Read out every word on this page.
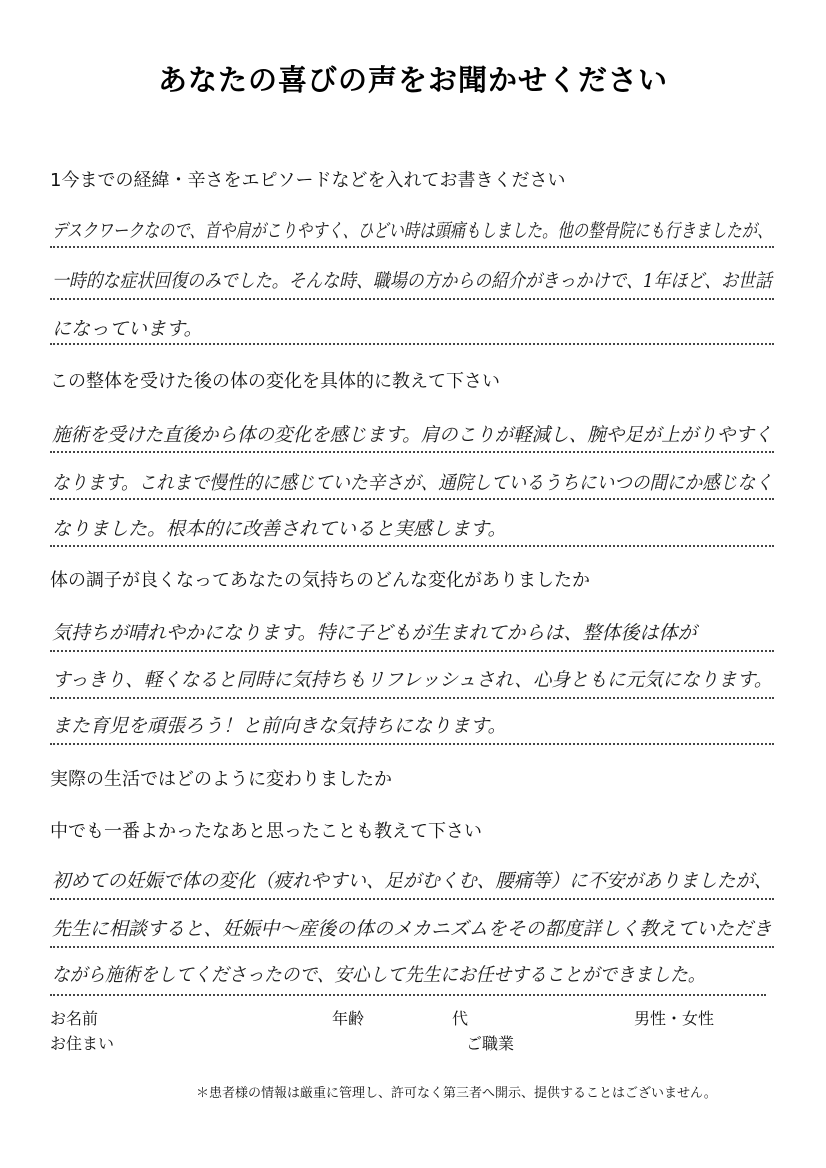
あなたの喜びの声をお聞かせください
1今までの経緯・辛さをエピソードなどを入れてお書きください
デスクワークなので、首や肩がこりやすく、ひどい時は頭痛もしました。他の整骨院にも行きましたが、
一時的な症状回復のみでした。そんな時、職場の方からの紹介がきっかけで、1年ほど、お世話
になっています。
この整体を受けた後の体の変化を具体的に教えて下さい
施術を受けた直後から体の変化を感じます。肩のこりが軽減し、腕や足が上がりやすく
なります。これまで慢性的に感じていた辛さが、通院しているうちにいつの間にか感じなく
なりました。根本的に改善されていると実感します。
体の調子が良くなってあなたの気持ちのどんな変化がありましたか
気持ちが晴れやかになります。特に子どもが生まれてからは、整体後は体が
すっきり、軽くなると同時に気持ちもリフレッシュされ、心身ともに元気になります。
また育児を頑張ろう！と前向きな気持ちになります。
実際の生活ではどのように変わりましたか
中でも一番よかったなあと思ったことも教えて下さい
初めての妊娠で体の変化（疲れやすい、足がむくむ、腰痛等）に不安がありましたが、
先生に相談すると、妊娠中〜産後の体のメカニズムをその都度詳しく教えていただき
ながら施術をしてくださったので、安心して先生にお任せすることができました。
お名前	年齢	代	男性・女性
お住まい	ご職業
＊患者様の情報は厳重に管理し、許可なく第三者へ開示、提供することはございません。
